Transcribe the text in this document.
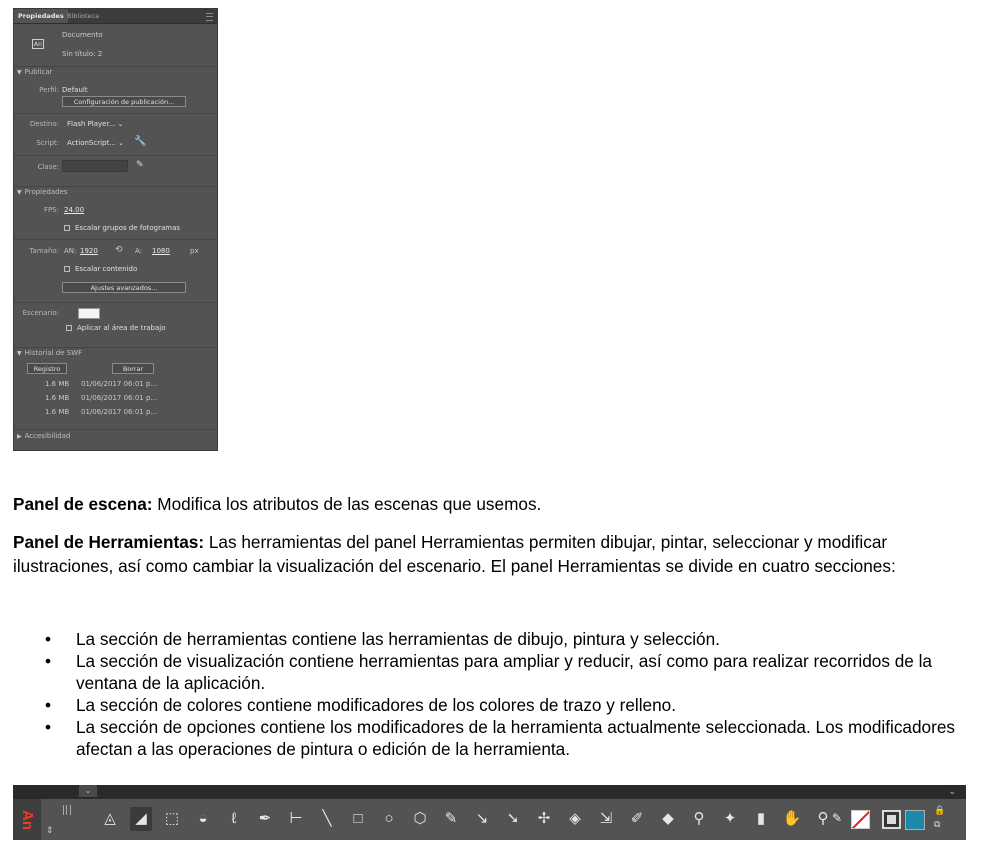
Propiedades Biblioteca
An
Documento
Sin título: 2
▼ Publicar
Perfil: Default
Configuración de publicación...
Destino: Flash Player... ⌄
Script: ActionScript... ⌄ 🔧
Clase:	✎
▼ Propiedades
FPS: 24.00
Escalar grupos de fotogramas
Tamaño: AN: 1920 ⟲ A: 1080	px
Escalar contenido
Ajustes avanzados...
Escenario:
Aplicar al área de trabajo
▼ Historial de SWF
Registro	Borrar
1.6 MB 01/06/2017 06:01 p...
1.6 MB 01/06/2017 06:01 p...
1.6 MB 01/06/2017 06:01 p...
▶ Accesibilidad
Panel de escena: Modifica los atributos de las escenas que usemos.
Panel de Herramientas: Las herramientas del panel Herramientas permiten dibujar, pintar, seleccionar y modificar ilustraciones, así como cambiar la visualización del escenario. El panel Herramientas se divide en cuatro secciones:
• La sección de herramientas contiene las herramientas de dibujo, pintura y selección.
• La sección de visualización contiene herramientas para ampliar y reducir, así como para realizar recorridos de la ventana de la aplicación.
• La sección de colores contiene modificadores de los colores de trazo y relleno.
• La sección de opciones contiene los modificadores de la herramienta actualmente seleccionada. Los modificadores afectan a las operaciones de pintura o edición de la herramienta.
⌄	⌄
An
⇕
◬	◢	⬚	◒	ℓ	✒	⊢	╲	□	○	⬡	✎	↘	➘	✢	◈	⇲	✐	◆	⚲	✦	▮	✋	⚲ ✎
🔒
⧉
